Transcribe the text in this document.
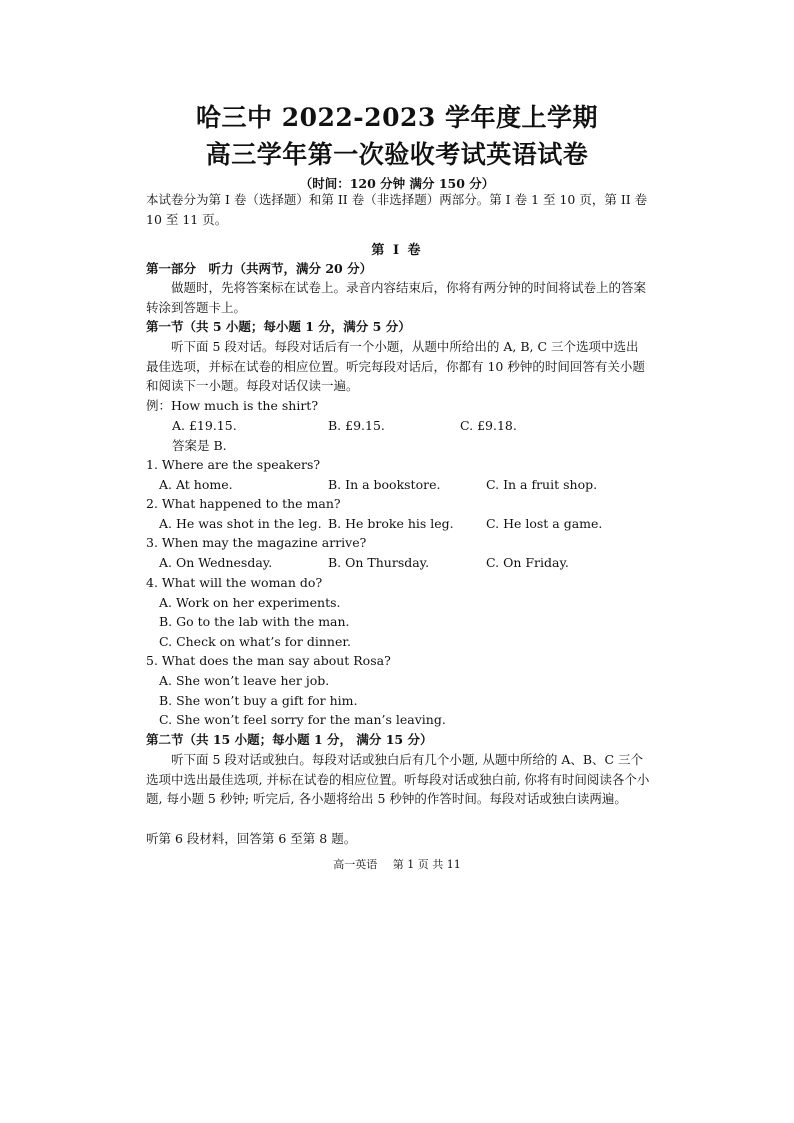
哈三中 2022-2023 学年度上学期
高三学年第一次验收考试英语试卷
（时间：120 分钟 满分 150 分）
本试卷分为第 I 卷（选择题）和第 II 卷（非选择题）两部分。第 I 卷 1 至 10 页，第 II 卷 10 至 11 页。
第 I 卷
第一部分　听力（共两节，满分 20 分）
做题时，先将答案标在试卷上。录音内容结束后，你将有两分钟的时间将试卷上的答案转涂到答题卡上。
第一节（共 5 小题；每小题 1 分，满分 5 分）
听下面 5 段对话。每段对话后有一个小题，从题中所给出的 A, B, C 三个选项中选出最佳选项，并标在试卷的相应位置。听完每段对话后，你都有 10 秒钟的时间回答有关小题和阅读下一小题。每段对话仅读一遍。
例：How much is the shirt?
A. £19.15.	B. £9.15.	C. £9.18.
答案是 B.
1. Where are the speakers?
A. At home.	B. In a bookstore.	C. In a fruit shop.
2. What happened to the man?
A. He was shot in the leg. B. He broke his leg.	C. He lost a game.
3. When may the magazine arrive?
A. On Wednesday.	B. On Thursday.	C. On Friday.
4. What will the woman do?
A. Work on her experiments.
B. Go to the lab with the man.
C. Check on what’s for dinner.
5. What does the man say about Rosa?
A. She won’t leave her job.
B. She won’t buy a gift for him.
C. She won’t feel sorry for the man’s leaving.
第二节（共 15 小题；每小题 1 分， 满分 15 分）
听下面 5 段对话或独白。每段对话或独白后有几个小题, 从题中所给的 A、B、C 三个选项中选出最佳选项, 并标在试卷的相应位置。听每段对话或独白前, 你将有时间阅读各个小题, 每小题 5 秒钟; 听完后, 各小题将给出 5 秒钟的作答时间。每段对话或独白读两遍。
听第 6 段材料，回答第 6 至第 8 题。
高一英语 第 1 页 共 11
